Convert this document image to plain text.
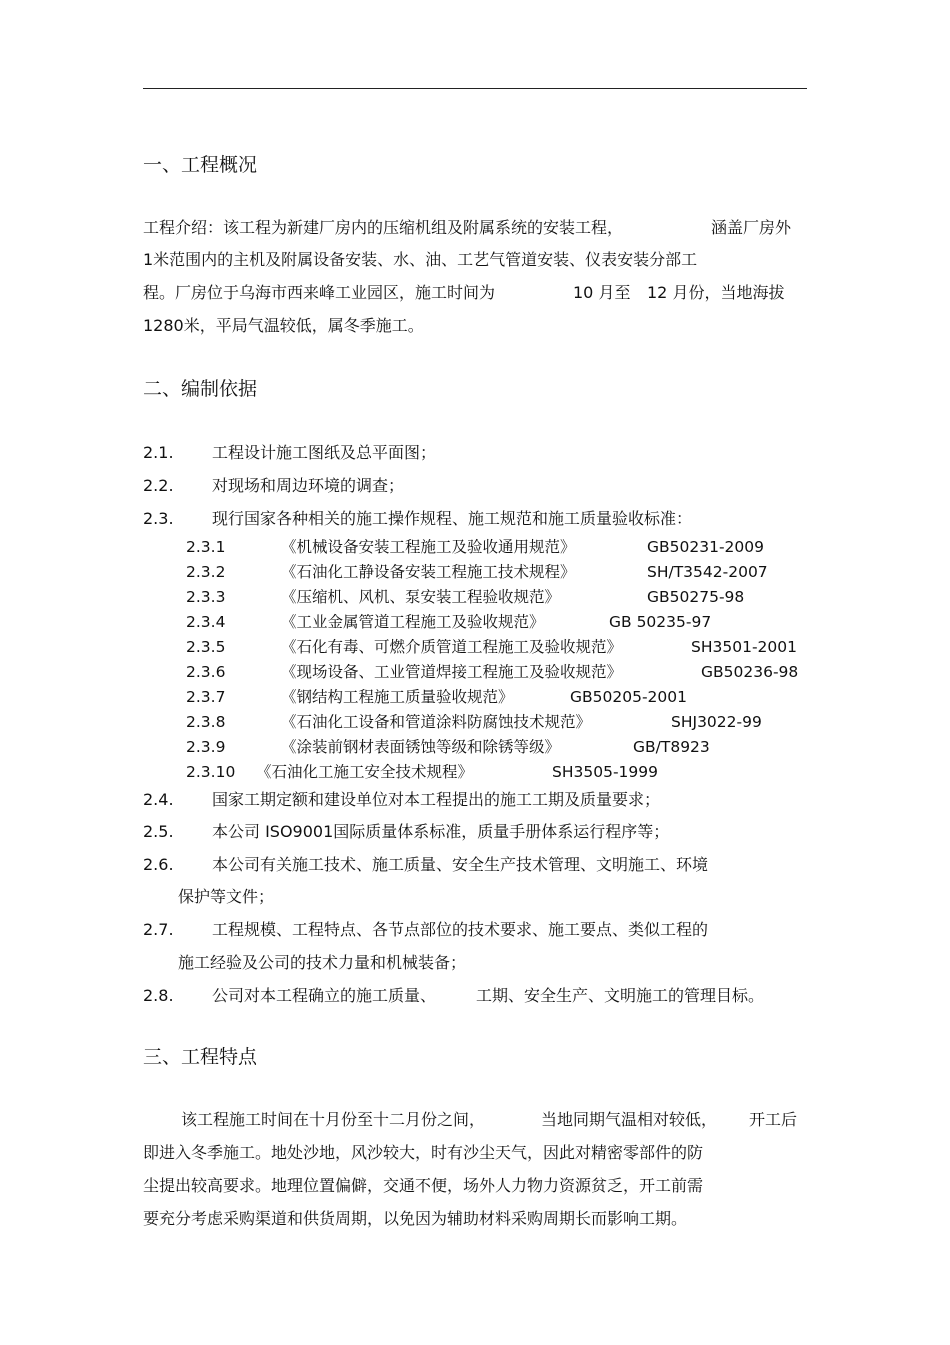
一、工程概况
工程介绍：该工程为新建厂房内的压缩机组及附属系统的安装工程，	涵盖厂房外
1米范围内的主机及附属设备安装、水、油、工艺气管道安装、仪表安装分部工
程。厂房位于乌海市西来峰工业园区，施工时间为	10 月至 12 月份，当地海拔
1280米，平局气温较低，属冬季施工。
二、编制依据
2.1. 工程设计施工图纸及总平面图；
2.2. 对现场和周边环境的调查；
2.3. 现行国家各种相关的施工操作规程、施工规范和施工质量验收标准：
2.3.1	《机械设备安装工程施工及验收通用规范》	GB50231-2009
2.3.2	《石油化工静设备安装工程施工技术规程》	SH/T3542-2007
2.3.3	《压缩机、风机、泵安装工程验收规范》	GB50275-98
2.3.4	《工业金属管道工程施工及验收规范》	GB 50235-97
2.3.5	《石化有毒、可燃介质管道工程施工及验收规范》	SH3501-2001
2.3.6	《现场设备、工业管道焊接工程施工及验收规范》	GB50236-98
2.3.7	《钢结构工程施工质量验收规范》	GB50205-2001
2.3.8	《石油化工设备和管道涂料防腐蚀技术规范》	SHJ3022-99
2.3.9	《涂装前钢材表面锈蚀等级和除锈等级》	GB/T8923
2.3.10 《石油化工施工安全技术规程》	SH3505-1999
2.4. 国家工期定额和建设单位对本工程提出的施工工期及质量要求；
2.5. 本公司 ISO9001国际质量体系标准，质量手册体系运行程序等；
2.6. 本公司有关施工技术、施工质量、安全生产技术管理、文明施工、环境
保护等文件；
2.7. 工程规模、工程特点、各节点部位的技术要求、施工要点、类似工程的
施工经验及公司的技术力量和机械装备；
2.8. 公司对本工程确立的施工质量、 工期、安全生产、文明施工的管理目标。
三、工程特点
该工程施工时间在十月份至十二月份之间，	当地同期气温相对较低， 开工后
即进入冬季施工。地处沙地，风沙较大，时有沙尘天气，因此对精密零部件的防
尘提出较高要求。地理位置偏僻，交通不便，场外人力物力资源贫乏，开工前需
要充分考虑采购渠道和供货周期，以免因为辅助材料采购周期长而影响工期。
